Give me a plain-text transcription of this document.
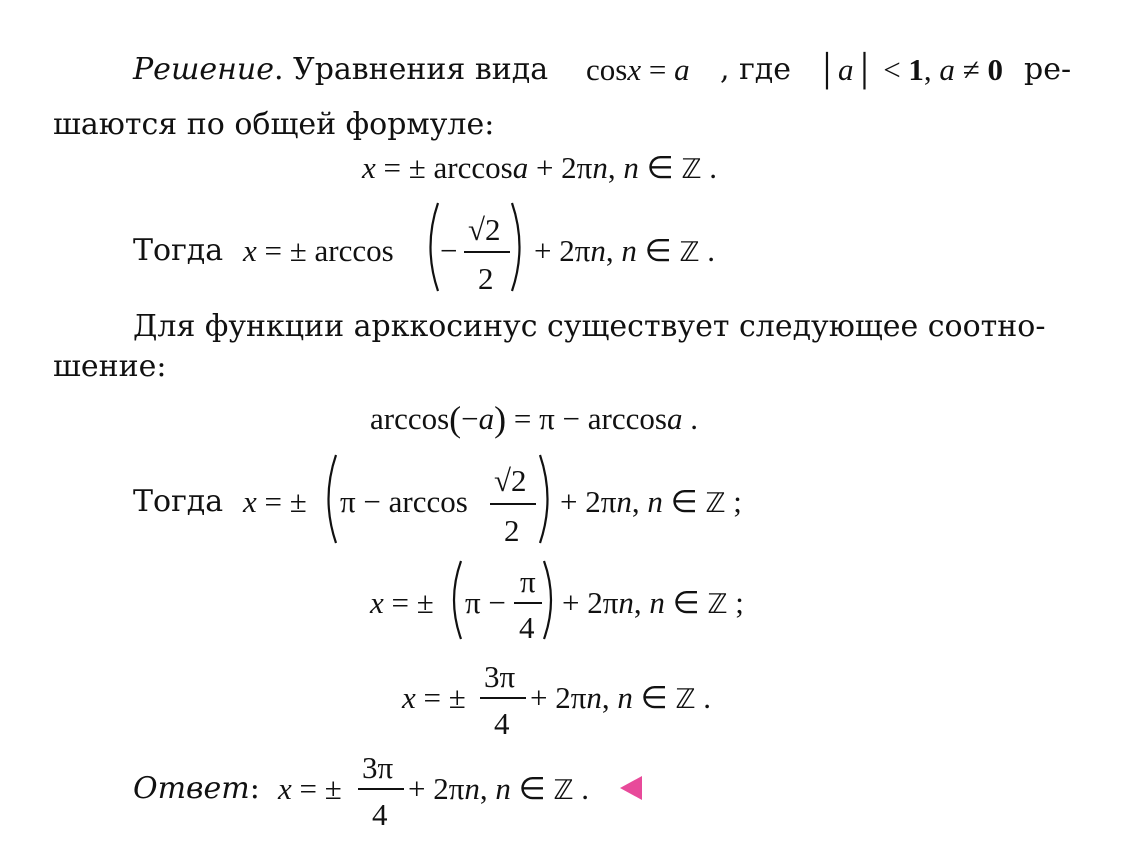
Решение. Уравнения вида cosx = a , где │a│ < 1, a ≠ 0 ре-
шаются по общей формуле:
x = ± arccosa + 2πn, n ∈ ℤ .
Тогда x = ± arccos −
√2
2
+ 2πn, n ∈ ℤ .
Для функции арккосинус существует следующее соотно-
шение:
arccos(−a) = π − arccosa .
Тогда x = ± π − arccos
√2
2
+ 2πn, n ∈ ℤ ;
x = ± π −
π
4
+ 2πn, n ∈ ℤ ;
x = ±
3π
4
+ 2πn, n ∈ ℤ .
Ответ: x = ±
3π
4
+ 2πn, n ∈ ℤ .
